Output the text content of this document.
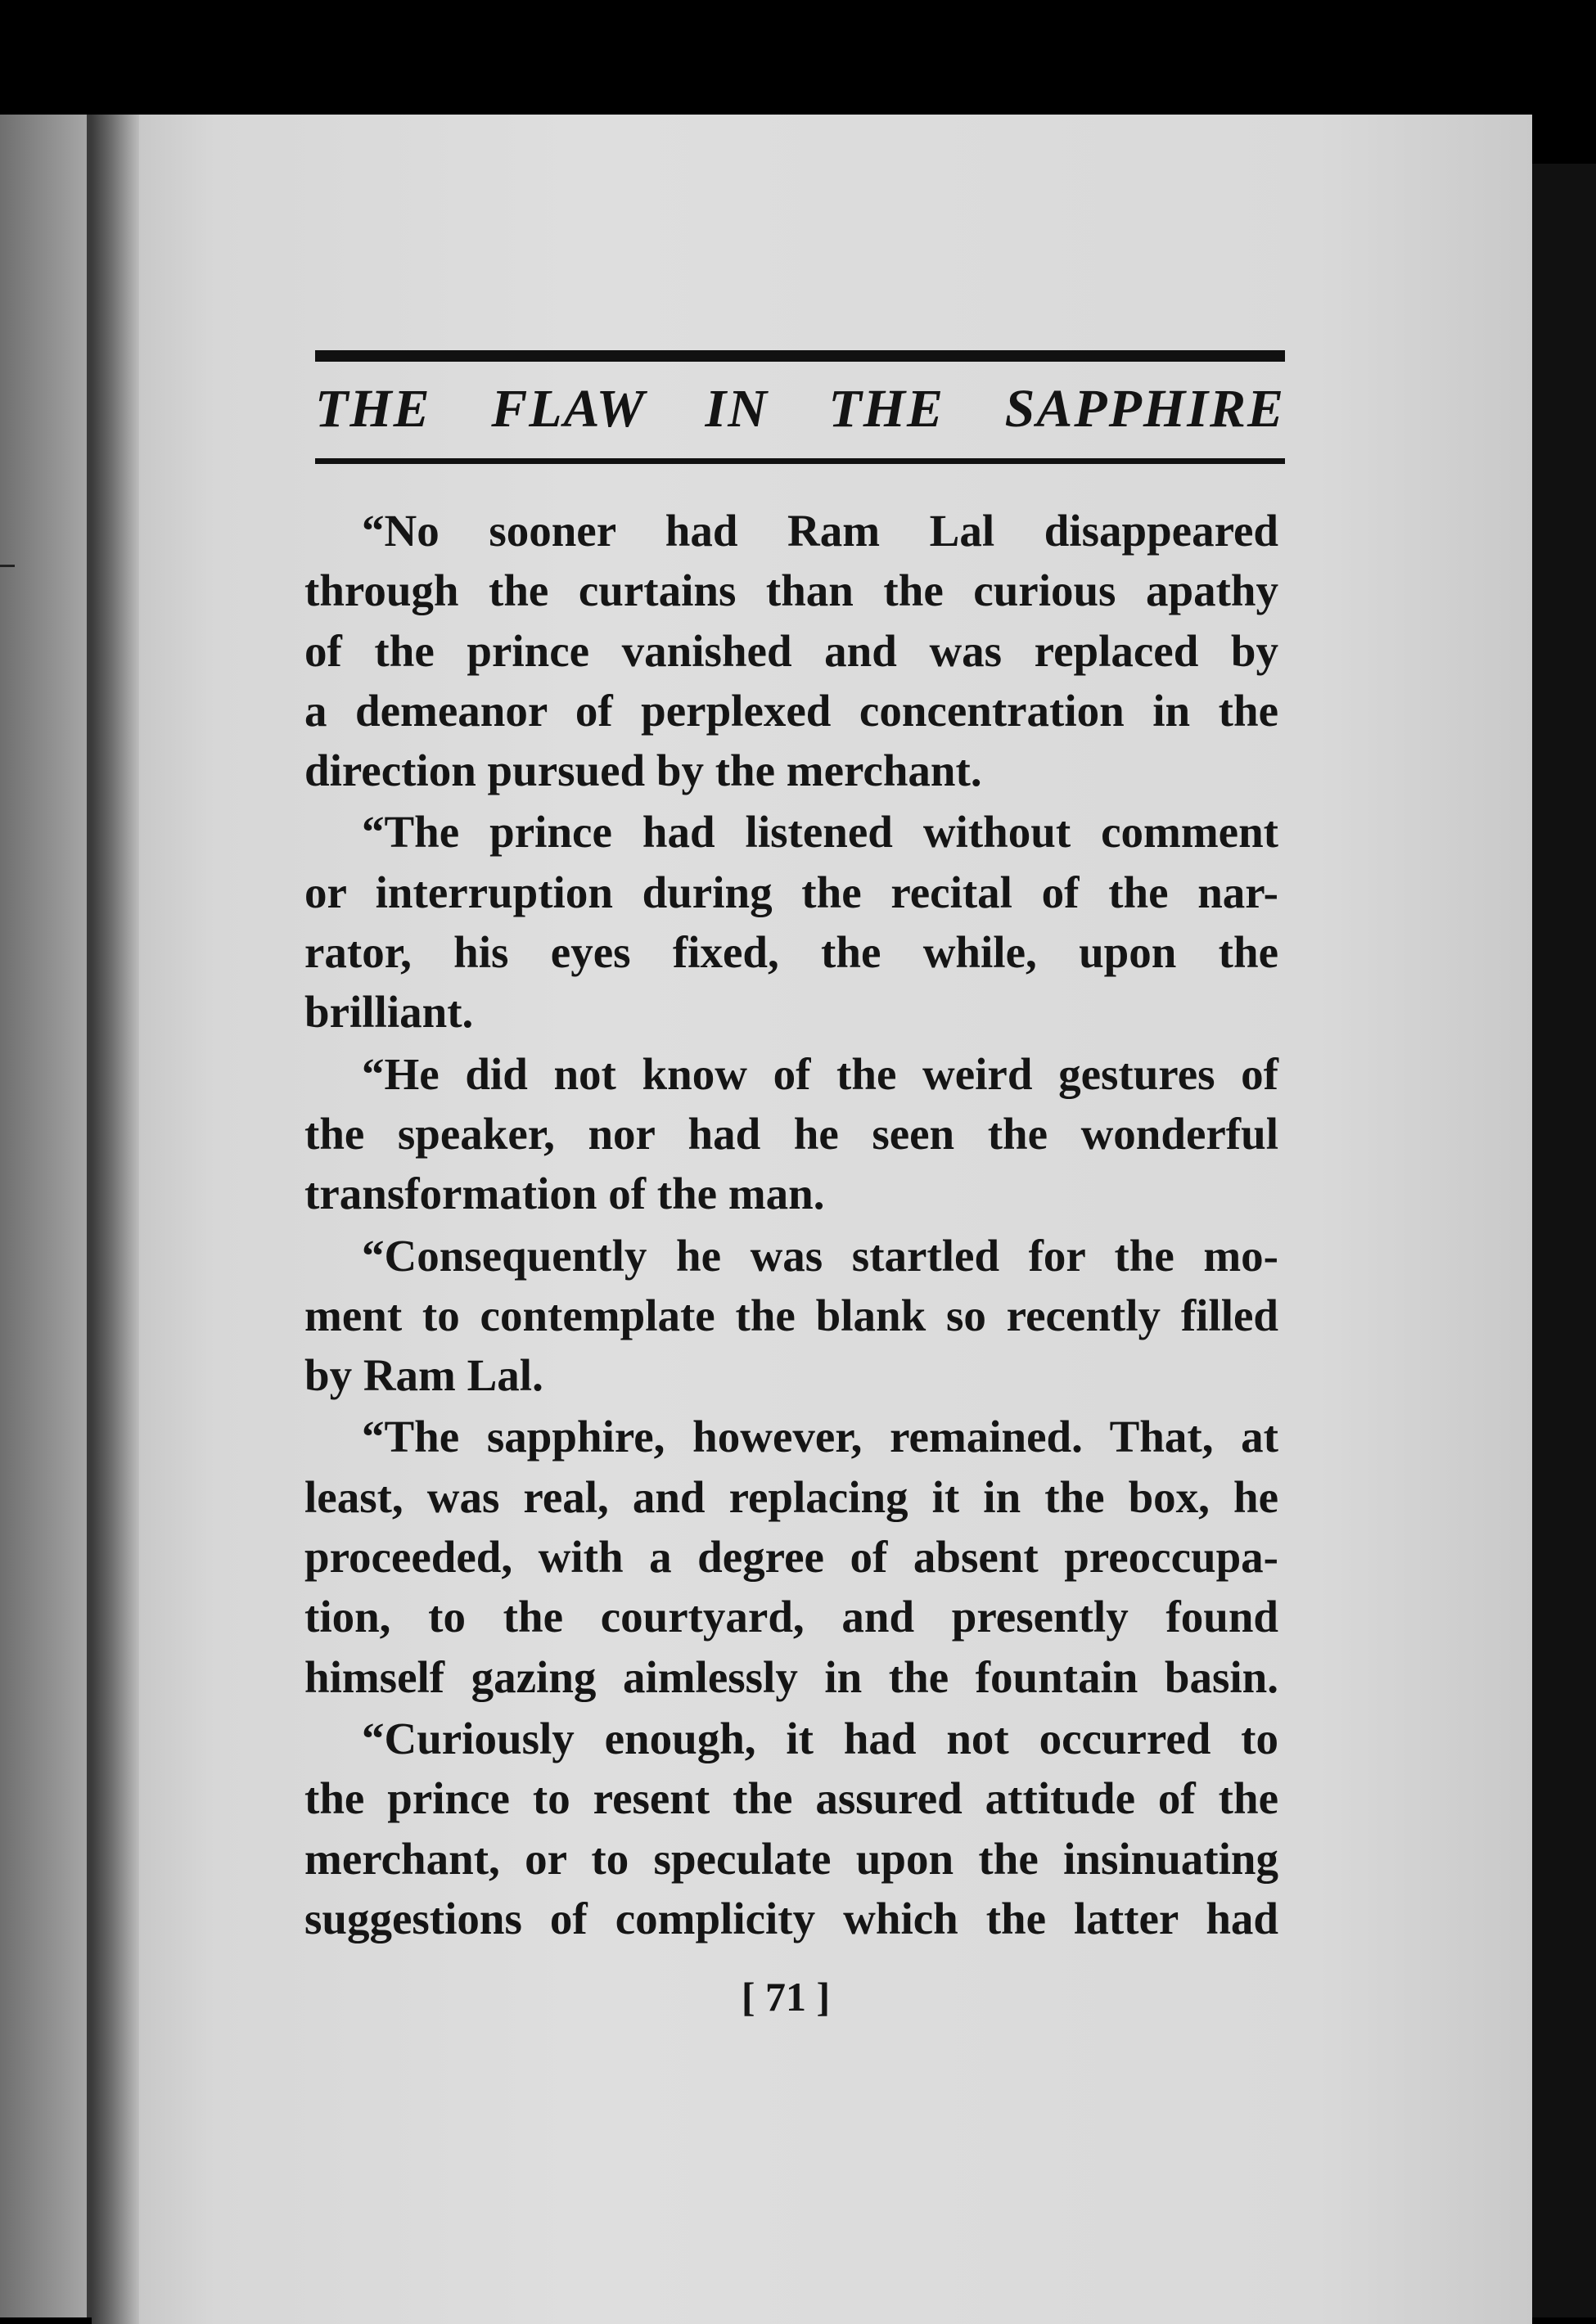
THE FLAW IN THE SAPPHIRE
“No sooner had Ram Lal disappeared
through the curtains than the curious apathy
of the prince vanished and was replaced by
a demeanor of perplexed concentration in the
direction pursued by the merchant.
“The prince had listened without comment
or interruption during the recital of the nar-
rator, his eyes fixed, the while, upon the
brilliant.
“He did not know of the weird gestures of
the speaker, nor had he seen the wonderful
transformation of the man.
“Consequently he was startled for the mo-
ment to contemplate the blank so recently filled
by Ram Lal.
“The sapphire, however, remained. That, at
least, was real, and replacing it in the box, he
proceeded, with a degree of absent preoccupa-
tion, to the courtyard, and presently found
himself gazing aimlessly in the fountain basin.
“Curiously enough, it had not occurred to
the prince to resent the assured attitude of the
merchant, or to speculate upon the insinuating
suggestions of complicity which the latter had
[ 71 ]
